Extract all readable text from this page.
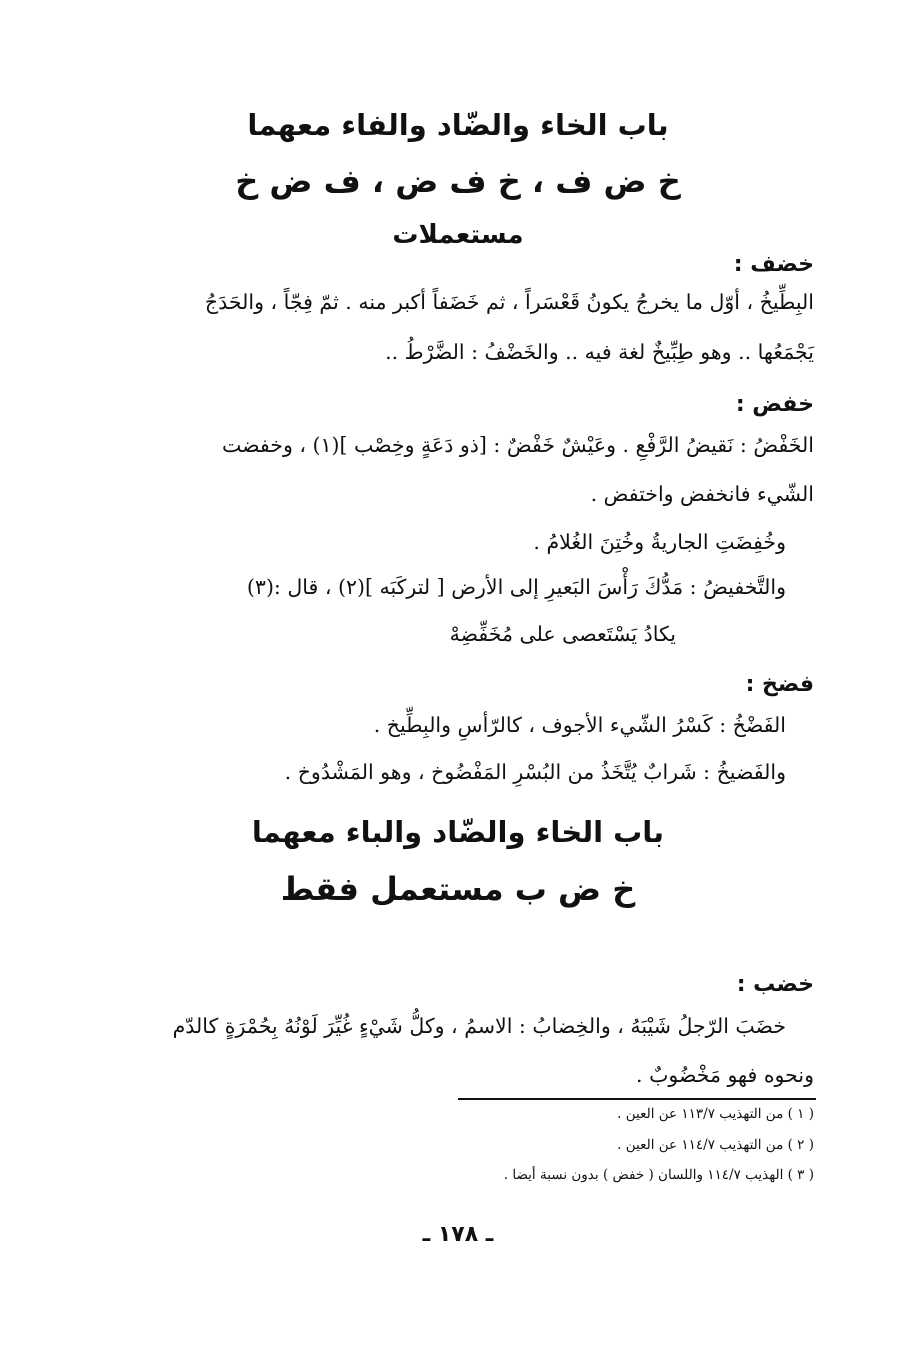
باب الخاء والضّاد والفاء معهما
خ ض ف ، خ ف ض ، ف ض خ
مستعملات
خضف :
البِطِّيخُ ، أوّل ما يخرجُ يكونُ قَعْسَراً ، ثم خَضَفاً أكبر منه . ثمّ فِجّاً ، والحَدَجُ
يَجْمَعُها .. وهو طِبِّيخٌ لغة فيه .. والخَضْفُ : الضَّرْطُ ..
خفض :
الخَفْضُ : نَقيضُ الرَّفْعِ . وعَيْشٌ خَفْضٌ : [ذو دَعَةٍ وخِصْب ](١) ، وخفضت
الشّيء فانخفض واختفض .
وخُفِضَتِ الجاريةُ وخُتِنَ الغُلامُ .
والتَّخفيضُ : مَدُّكَ رَأْسَ البَعيرِ إلى الأرض [ لتركَبَه ](٢) ، قال :(٣)
يكادُ يَسْتَعصى على مُخَفِّضِهْ
فضخ :
الفَضْخُ : كَسْرُ الشّيء الأجوف ، كالرّأسِ والبِطِّيخ .
والفَضيخُ : شَرابٌ يُتَّخَذُ من البُسْرِ المَفْضُوخ ، وهو المَشْدُوخ .
باب الخاء والضّاد والباء معهما
خ ض ب مستعمل فقط
خضب :
خضَبَ الرّجلُ شَيْبَهُ ، والخِضابُ : الاسمُ ، وكلُّ شَيْءٍ غُيِّرَ لَوْنُهُ بِحُمْرَةٍ كالدّم
ونحوه فهو مَخْضُوبٌ .
( ١ ) من التهذيب ١١٣/٧ عن العين .
( ٢ ) من التهذيب ١١٤/٧ عن العين .
( ٣ ) الهذيب ١١٤/٧ واللسان ( خفض ) بدون نسبة أيضا .
ـ ١٧٨ ـ
